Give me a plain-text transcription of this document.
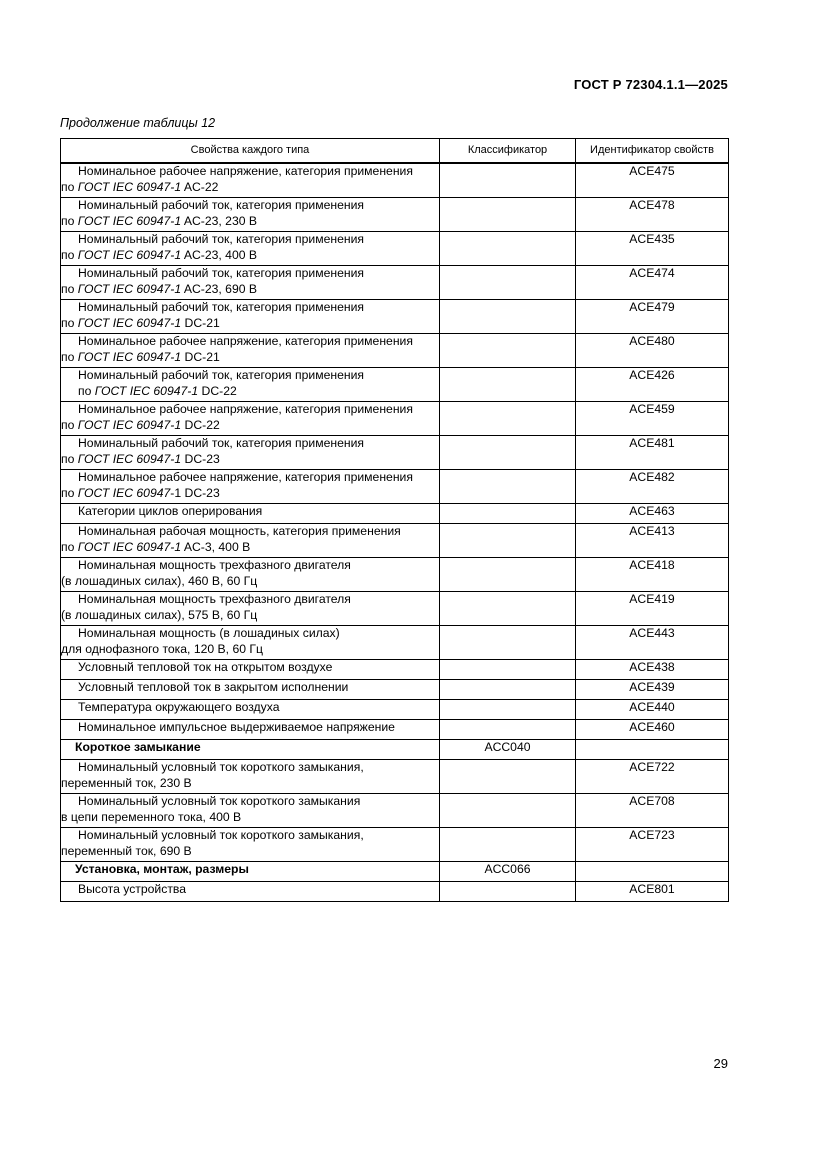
ГОСТ Р 72304.1.1—2025
Продолжение таблицы 12
Свойства каждого типа	Классификатор	Идентификатор свойств

Номинальное рабочее напряжение, категория применения
по ГОСТ IEC 60947-1 AC-22		ACE475

Номинальный рабочий ток, категория применения
по ГОСТ IEC 60947-1 AC-23, 230 В		ACE478

Номинальный рабочий ток, категория применения
по ГОСТ IEC 60947-1 AC-23, 400 В		ACE435

Номинальный рабочий ток, категория применения
по ГОСТ IEC 60947-1 AC-23, 690 В		ACE474

Номинальный рабочий ток, категория применения
по ГОСТ IEC 60947-1 DC-21		ACE479

Номинальное рабочее напряжение, категория применения
по ГОСТ IEC 60947-1 DC-21		ACE480

Номинальный рабочий ток, категория применения
по ГОСТ IEC 60947-1 DC-22		ACE426

Номинальное рабочее напряжение, категория применения
по ГОСТ IEC 60947-1 DC-22		ACE459

Номинальный рабочий ток, категория применения
по ГОСТ IEC 60947-1 DC-23		ACE481

Номинальное рабочее напряжение, категория применения
по ГОСТ IEC 60947-1 DC-23		ACE482

Категории циклов оперирования		ACE463

Номинальная рабочая мощность, категория применения
по ГОСТ IEC 60947-1 AC-3, 400 В		ACE413

Номинальная мощность трехфазного двигателя
(в лошадиных силах), 460 В, 60 Гц		ACE418

Номинальная мощность трехфазного двигателя
(в лошадиных силах), 575 В, 60 Гц		ACE419

Номинальная мощность (в лошадиных силах)
для однофазного тока, 120 В, 60 Гц		ACE443

Условный тепловой ток на открытом воздухе		ACE438

Условный тепловой ток в закрытом исполнении		ACE439

Температура окружающего воздуха		ACE440

Номинальное импульсное выдерживаемое напряжение		ACE460
Короткое замыкание	ACC040	

Номинальный условный ток короткого замыкания,
переменный ток, 230 В		ACE722

Номинальный условный ток короткого замыкания
в цепи переменного тока, 400 В		ACE708

Номинальный условный ток короткого замыкания,
переменный ток, 690 В		ACE723
Установка, монтаж, размеры	ACC066	

Высота устройства		ACE801
29
